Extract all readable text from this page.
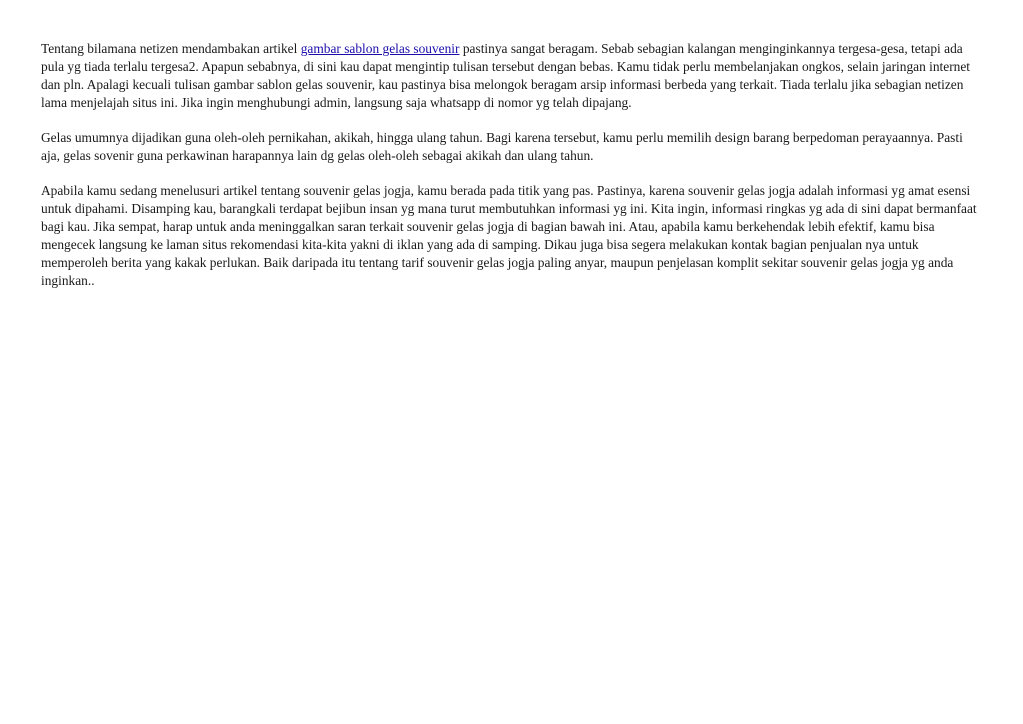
Tentang bilamana netizen mendambakan artikel gambar sablon gelas souvenir pastinya sangat beragam. Sebab sebagian kalangan menginginkannya tergesa-gesa, tetapi ada pula yg tiada terlalu tergesa2. Apapun sebabnya, di sini kau dapat mengintip tulisan tersebut dengan bebas. Kamu tidak perlu membelanjakan ongkos, selain jaringan internet dan pln. Apalagi kecuali tulisan gambar sablon gelas souvenir, kau pastinya bisa melongok beragam arsip informasi berbeda yang terkait. Tiada terlalu jika sebagian netizen lama menjelajah situs ini. Jika ingin menghubungi admin, langsung saja whatsapp di nomor yg telah dipajang.

Gelas umumnya dijadikan guna oleh-oleh pernikahan, akikah, hingga ulang tahun. Bagi karena tersebut, kamu perlu memilih design barang berpedoman perayaannya. Pasti aja, gelas sovenir guna perkawinan harapannya lain dg gelas oleh-oleh sebagai akikah dan ulang tahun.

Apabila kamu sedang menelusuri artikel tentang souvenir gelas jogja, kamu berada pada titik yang pas. Pastinya, karena souvenir gelas jogja adalah informasi yg amat esensi untuk dipahami. Disamping kau, barangkali terdapat bejibun insan yg mana turut membutuhkan informasi yg ini. Kita ingin, informasi ringkas yg ada di sini dapat bermanfaat bagi kau. Jika sempat, harap untuk anda meninggalkan saran terkait souvenir gelas jogja di bagian bawah ini. Atau, apabila kamu berkehendak lebih efektif, kamu bisa mengecek langsung ke laman situs rekomendasi kita-kita yakni di iklan yang ada di samping. Dikau juga bisa segera melakukan kontak bagian penjualan nya untuk memperoleh berita yang kakak perlukan. Baik daripada itu tentang tarif souvenir gelas jogja paling anyar, maupun penjelasan komplit sekitar souvenir gelas jogja yg anda inginkan..
